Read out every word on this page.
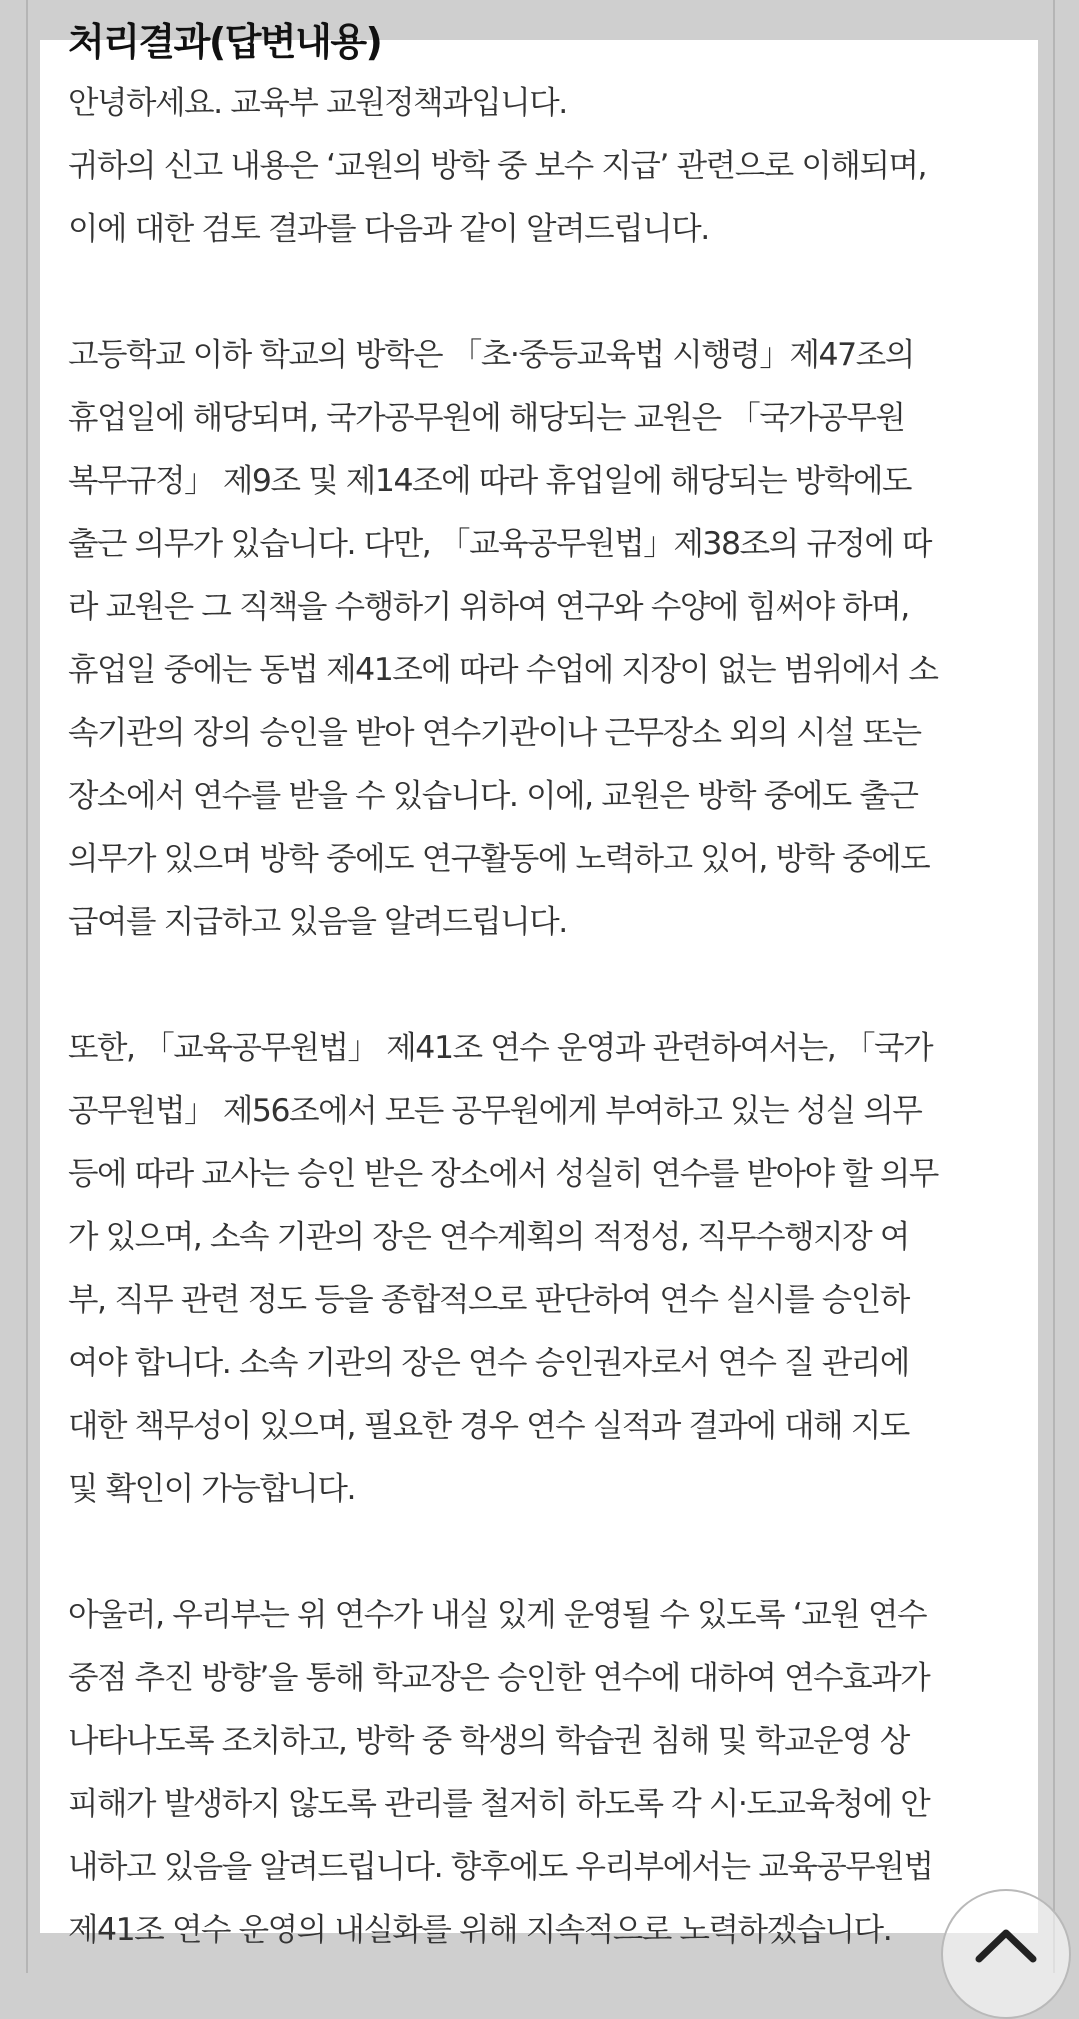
처리결과(답변내용)
안녕하세요. 교육부 교원정책과입니다.
귀하의 신고 내용은 ‘교원의 방학 중 보수 지급’ 관련으로 이해되며,
이에 대한 검토 결과를 다음과 같이 알려드립니다.
고등학교 이하 학교의 방학은 「초·중등교육법 시행령」제47조의
휴업일에 해당되며, 국가공무원에 해당되는 교원은 「국가공무원
복무규정」 제9조 및 제14조에 따라 휴업일에 해당되는 방학에도
출근 의무가 있습니다. 다만, 「교육공무원법」제38조의 규정에 따
라 교원은 그 직책을 수행하기 위하여 연구와 수양에 힘써야 하며,
휴업일 중에는 동법 제41조에 따라 수업에 지장이 없는 범위에서 소
속기관의 장의 승인을 받아 연수기관이나 근무장소 외의 시설 또는
장소에서 연수를 받을 수 있습니다. 이에, 교원은 방학 중에도 출근
의무가 있으며 방학 중에도 연구활동에 노력하고 있어, 방학 중에도
급여를 지급하고 있음을 알려드립니다.
또한, 「교육공무원법」 제41조 연수 운영과 관련하여서는, 「국가
공무원법」 제56조에서 모든 공무원에게 부여하고 있는 성실 의무
등에 따라 교사는 승인 받은 장소에서 성실히 연수를 받아야 할 의무
가 있으며, 소속 기관의 장은 연수계획의 적정성, 직무수행지장 여
부, 직무 관련 정도 등을 종합적으로 판단하여 연수 실시를 승인하
여야 합니다. 소속 기관의 장은 연수 승인권자로서 연수 질 관리에
대한 책무성이 있으며, 필요한 경우 연수 실적과 결과에 대해 지도
및 확인이 가능합니다.
아울러, 우리부는 위 연수가 내실 있게 운영될 수 있도록 ‘교원 연수
중점 추진 방향’을 통해 학교장은 승인한 연수에 대하여 연수효과가
나타나도록 조치하고, 방학 중 학생의 학습권 침해 및 학교운영 상
피해가 발생하지 않도록 관리를 철저히 하도록 각 시·도교육청에 안
내하고 있음을 알려드립니다. 향후에도 우리부에서는 교육공무원법
제41조 연수 운영의 내실화를 위해 지속적으로 노력하겠습니다.
